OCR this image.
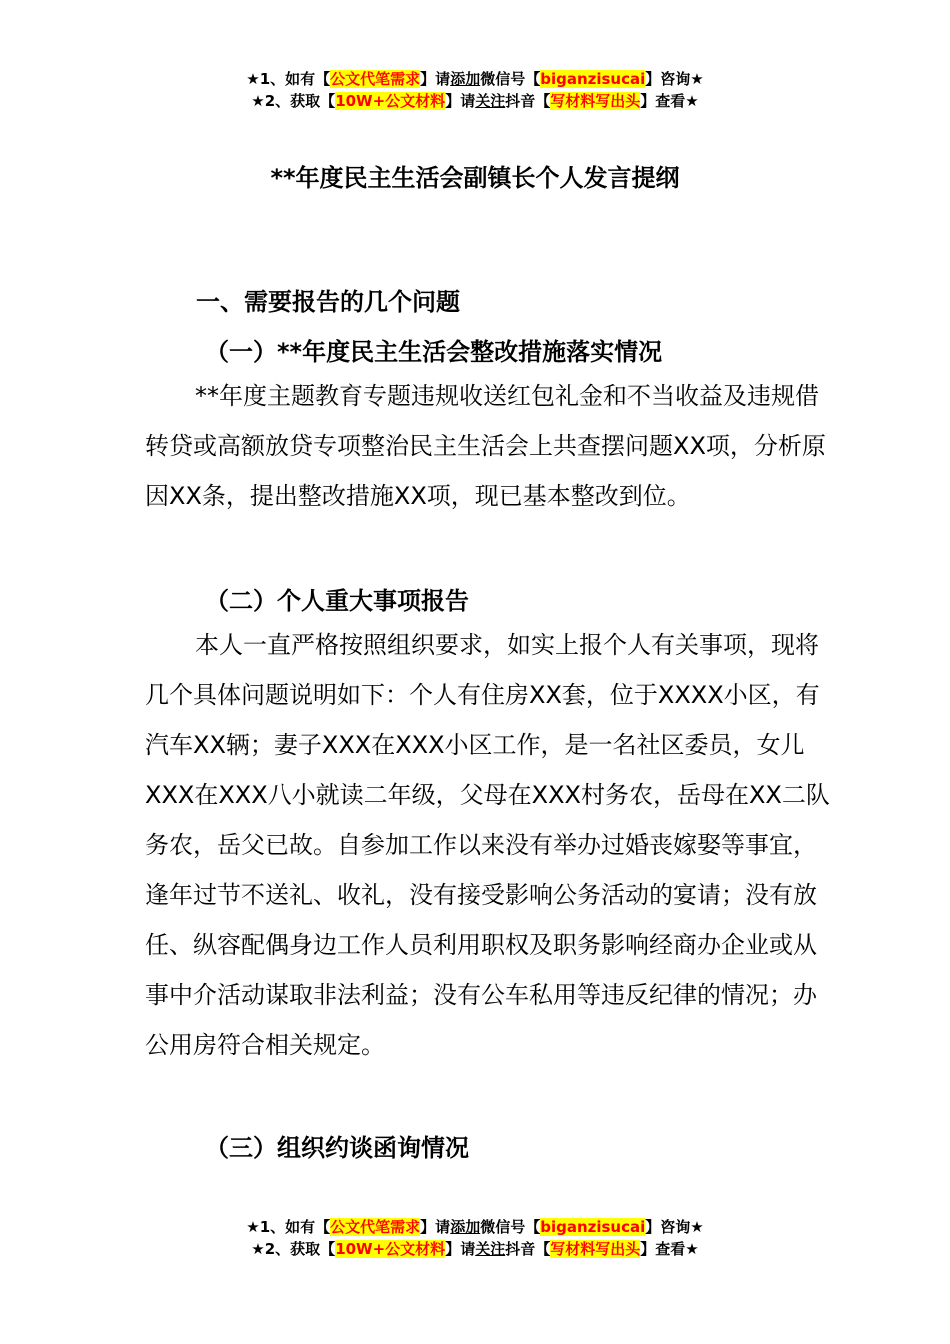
★1、如有【公文代笔需求】请添加微信号【biganzisucai】咨询★
★2、获取【10W+公文材料】请关注抖音【写材料写出头】查看★
**年度民主生活会副镇长个人发言提纲
一、需要报告的几个问题
（一）**年度民主生活会整改措施落实情况

**年度主题教育专题违规收送红包礼金和不当收益及违规借转贷或高额放贷专项整治民主生活会上共查摆问题XX项，分析原因XX条，提出整改措施XX项，现已基本整改到位。

（二）个人重大事项报告

本人一直严格按照组织要求，如实上报个人有关事项，现将几个具体问题说明如下：个人有住房XX套，位于XXXX小区，有汽车XX辆；妻子XXX在XXX小区工作，是一名社区委员，女儿XXX在XXX八小就读二年级，父母在XXX村务农，岳母在XX二队务农，岳父已故。自参加工作以来没有举办过婚丧嫁娶等事宜，逢年过节不送礼、收礼，没有接受影响公务活动的宴请；没有放任、纵容配偶身边工作人员利用职权及职务影响经商办企业或从事中介活动谋取非法利益；没有公车私用等违反纪律的情况；办公用房符合相关规定。

（三）组织约谈函询情况
★1、如有【公文代笔需求】请添加微信号【biganzisucai】咨询★
★2、获取【10W+公文材料】请关注抖音【写材料写出头】查看★
